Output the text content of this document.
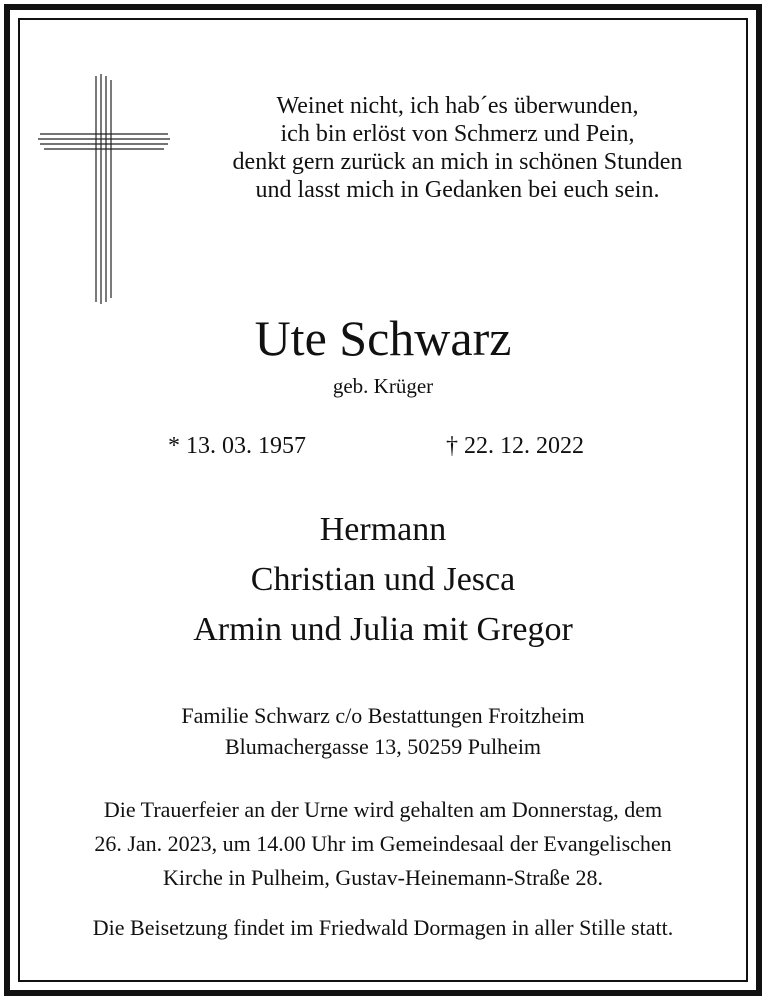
Weinet nicht, ich hab´es überwunden,
ich bin erlöst von Schmerz und Pein,
denkt gern zurück an mich in schönen Stunden
und lasst mich in Gedanken bei euch sein.

Ute Schwarz

geb. Krüger

* 13. 03. 1957	† 22. 12. 2022

Hermann

Christian und Jesca

Armin und Julia mit Gregor

Familie Schwarz c/o Bestattungen Froitzheim

Blumachergasse 13, 50259 Pulheim

Die Trauerfeier an der Urne wird gehalten am Donnerstag, dem

26. Jan. 2023, um 14.00 Uhr im Gemeindesaal der Evangelischen

Kirche in Pulheim, Gustav-Heinemann-Straße 28.

Die Beisetzung findet im Friedwald Dormagen in aller Stille statt.
